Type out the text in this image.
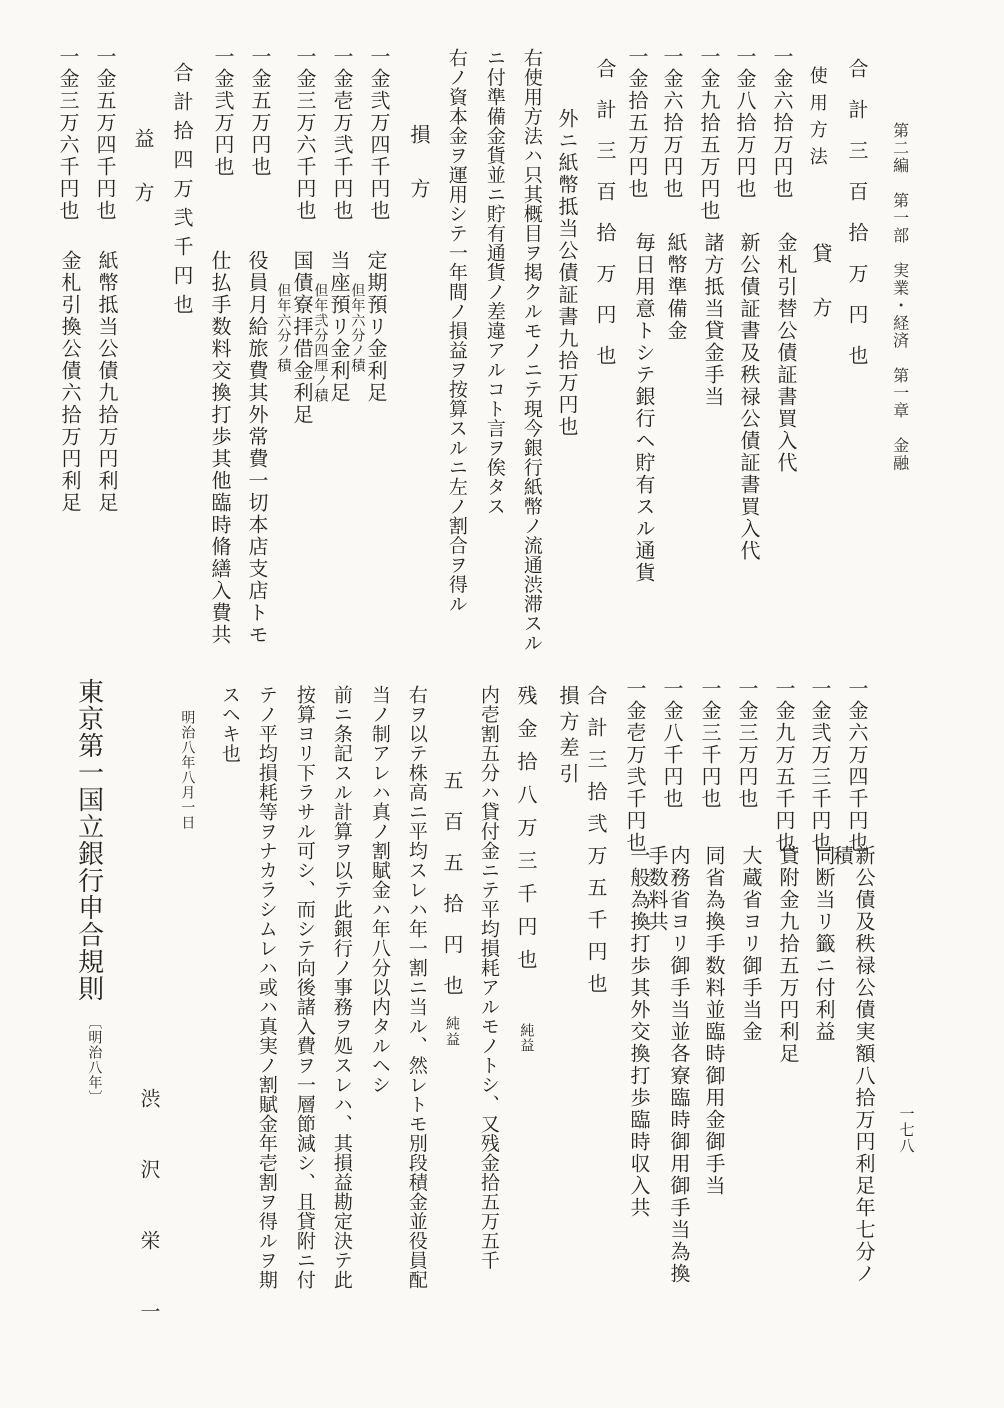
第二編　第一部　実業・経済　第一章　金融
一七八
合計三百拾万円也
使用方法
貸方
一金六拾万円也
金札引替公債証書買入代
一金八拾万円也
新公債証書及秩禄公債証書買入代
一金九拾五万円也
諸方抵当貸金手当
一金六拾万円也
紙幣準備金
一金拾五万円也
毎日用意トシテ銀行ヘ貯有スル通貨
合計三百拾万円也
外ニ紙幣抵当公債証書九拾万円也
右使用方法ハ只其概目ヲ掲クルモノニテ現今銀行紙幣ノ流通渋滞スル
ニ付準備金貨並ニ貯有通貨ノ差違アルコト言ヲ俟タス
右ノ資本金ヲ運用シテ一年間ノ損益ヲ按算スルニ左ノ割合ヲ得ル
損方
一金弐万四千円也
定期預リ金利足
但年六分ノ積
一金壱万弐千円也
当座預リ金利足
但年弐分四厘ノ積
一金三万六千円也
国債寮拝借金利足
但年六分ノ積
一金五万円也
役員月給旅費其外常費一切本店支店トモ
一金弐万円也
仕払手数料交換打歩其他臨時脩繕入費共
合計拾四万弐千円也
益方
一金五万四千円也
紙幣抵当公債九拾万円利足
一金三万六千円也
金札引換公債六拾万円利足
一金六万四千円也
新公債及秩禄公債実額八拾万円利足年七分ノ積
一金弐万三千円也
同断当リ籤ニ付利益
一金九万五千円也
貸附金九拾五万円利足
一金三万円也
大蔵省ヨリ御手当金
一金三千円也
同省為換手数料並臨時御用金御手当
一金八千円也
内務省ヨリ御手当並各寮臨時御用御手当為換手数料共
一金壱万弐千円也
一般為換打歩其外交換打歩臨時収入共
合計三拾弐万五千円也
損方差引
残金拾八万三千円也
純益
内壱割五分ハ貸付金ニテ平均損耗アルモノトシ、又残金拾五万五千
五百五拾円也純益
右ヲ以テ株高ニ平均スレハ年一割ニ当ル、然レトモ別段積金並役員配
当ノ制アレハ真ノ割賦金ハ年八分以内タルヘシ
前ニ条記スル計算ヲ以テ此銀行ノ事務ヲ処スレハ、其損益勘定決テ此
按算ヨリ下ラサル可シ、而シテ向後諸入費ヲ一層節減シ、且貸附ニ付
テノ平均損耗等ヲナカラシムレハ或ハ真実ノ割賦金年壱割ヲ得ルヲ期
スヘキ也
明治八年八月一日
渋沢栄一
東京第一国立銀行申合規則
〔明治八年〕
